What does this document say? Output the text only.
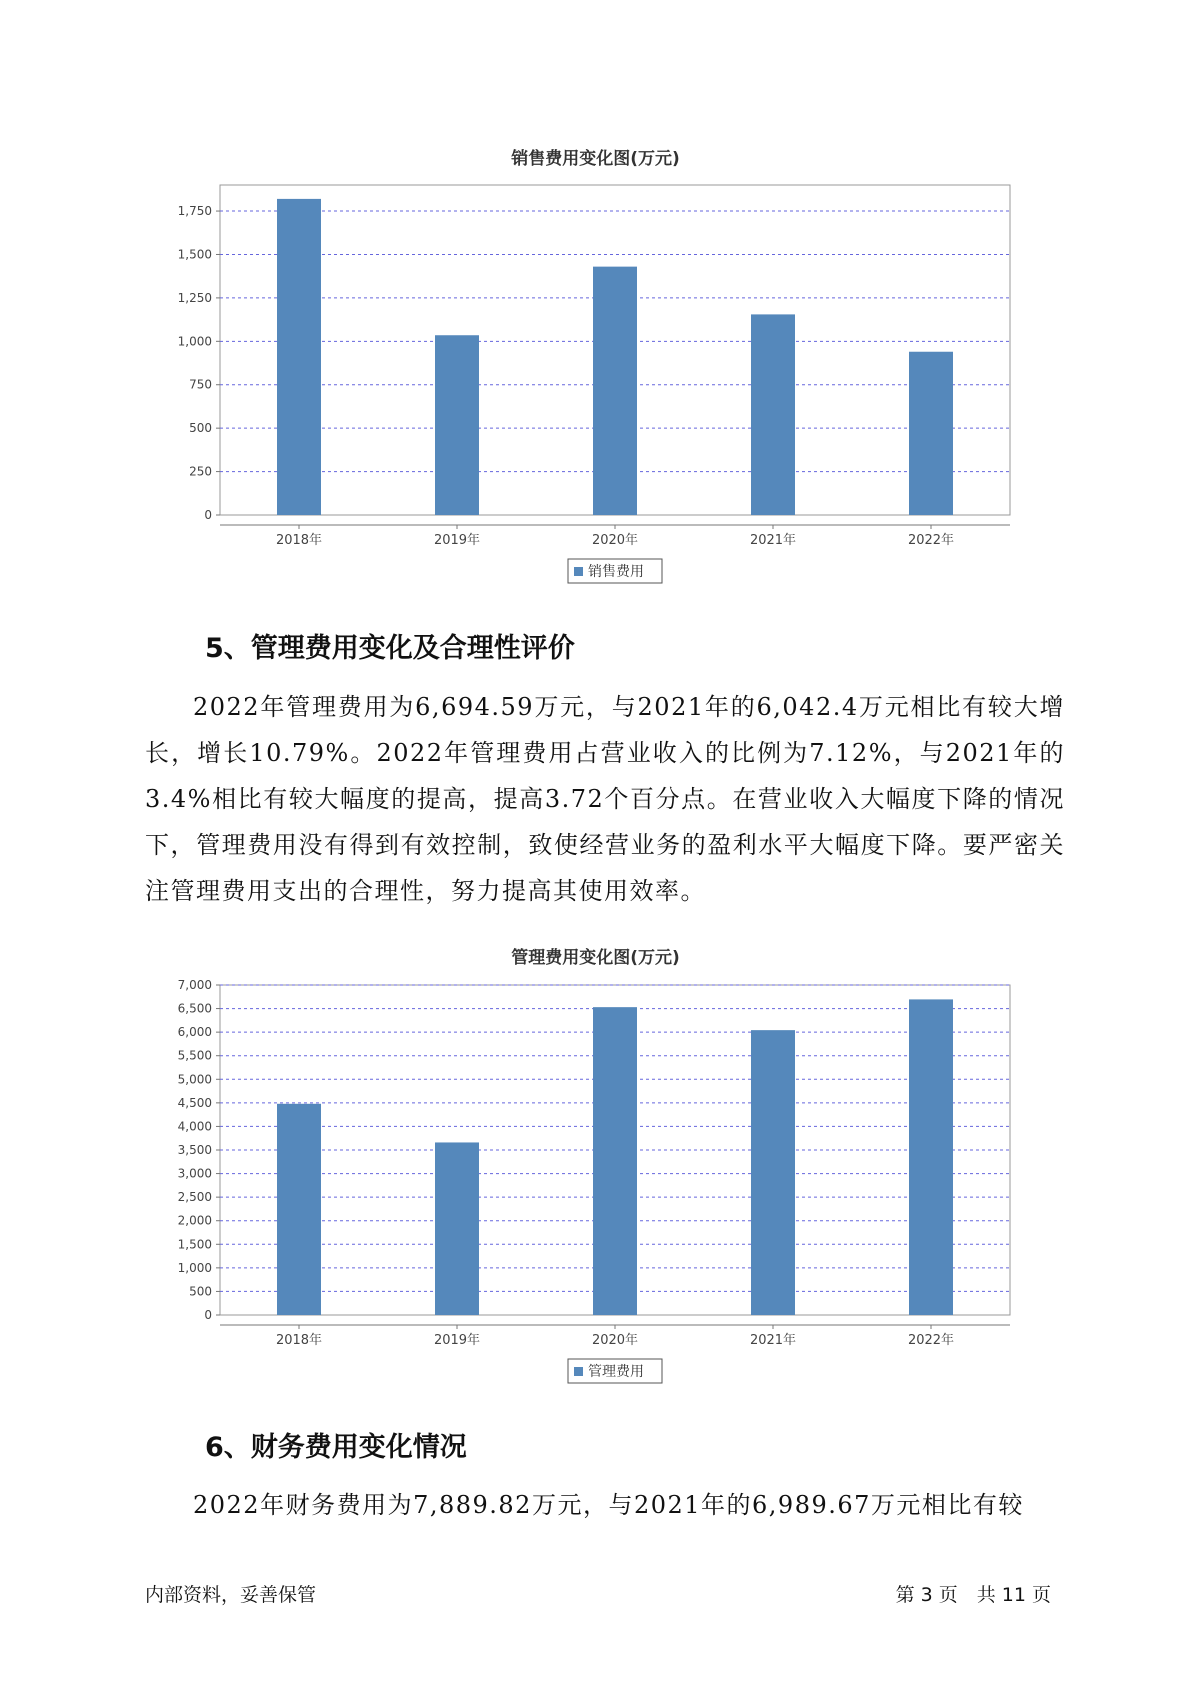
销售费用变化图(万元)
0
250
500
750
1,000
1,250
1,500
1,750
2018年	2019年	2020年	2021年	2022年
销售费用
5、管理费用变化及合理性评价

2022年管理费用为6,694.59万元，与2021年的6,042.4万元相比有较大增长，增长10.79%。2022年管理费用占营业收入的比例为7.12%，与2021年的3.4%相比有较大幅度的提高，提高3.72个百分点。在营业收入大幅度下降的情况下，管理费用没有得到有效控制，致使经营业务的盈利水平大幅度下降。要严密关注管理费用支出的合理性，努力提高其使用效率。

管理费用变化图(万元)
0
500
1,000
1,500
2,000
2,500
3,000
3,500
4,000
4,500
5,000
5,500
6,000
6,500
7,000
2018年	2019年	2020年	2021年	2022年
管理费用
6、财务费用变化情况

2022年财务费用为7,889.82万元，与2021年的6,989.67万元相比有较

内部资料，妥善保管	第 3 页　共 11 页
